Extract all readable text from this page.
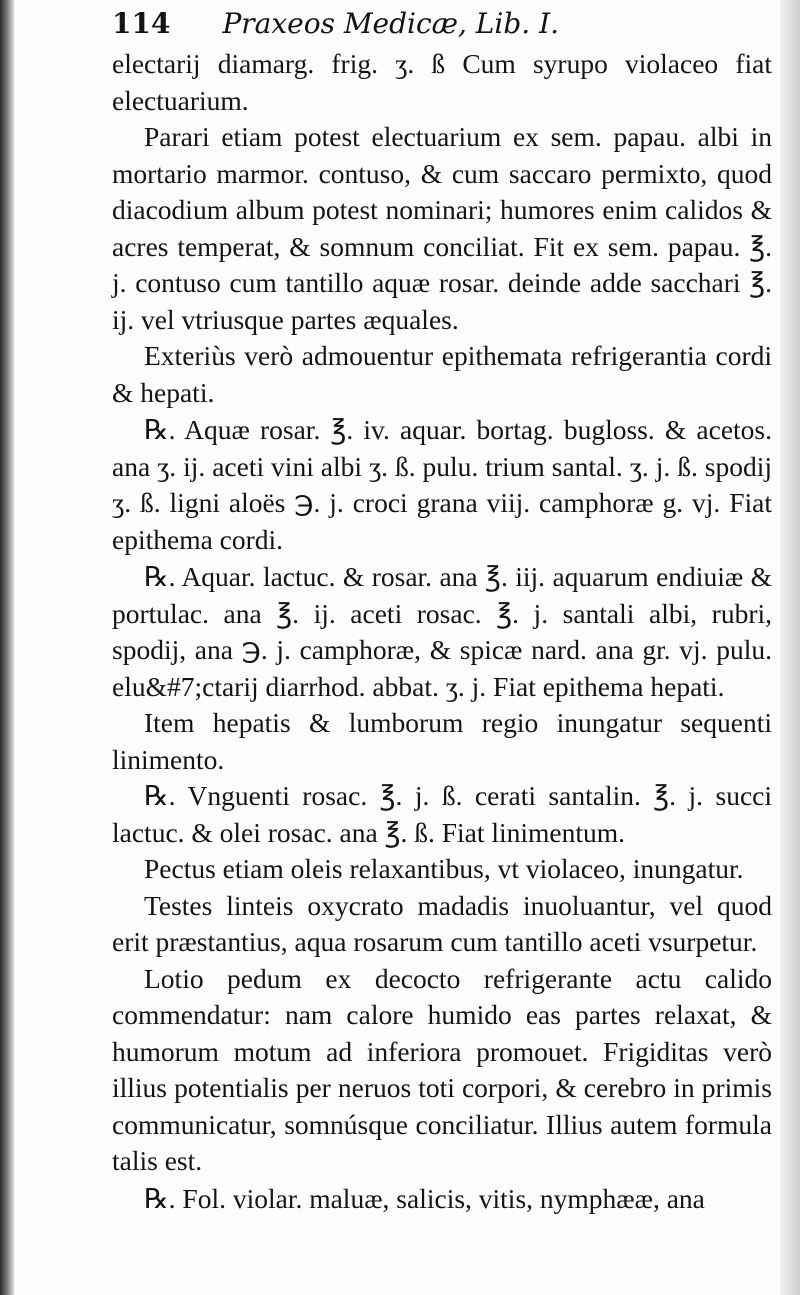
114 Praxeos Medicæ, Lib. I.

electarij diamarg. frig. ʒ. ß Cum syrupo violaceo fiat electuarium.

Parari etiam potest electuarium ex sem. papau. albi in mortario marmor. contuso, & cum saccaro permixto, quod diacodium album potest nominari; humores enim calidos & acres temperat, & somnum conciliat. Fit ex sem. papau. ℥. j. contuso cum tantillo aquæ rosar. deinde adde sacchari ℥. ij. vel vtriusque partes æquales.

Exteriùs verò admouentur epithemata refrigerantia cordi & hepati.

℞. Aquæ rosar. ℥. iv. aquar. bortag. bugloss. & acetos. ana ʒ. ij. aceti vini albi ʒ. ß. pulu. trium santal. ʒ. j. ß. spodij ʒ. ß. ligni aloës ℈. j. croci grana viij. camphoræ g. vj. Fiat epithema cordi.

℞. Aquar. lactuc. & rosar. ana ℥. iij. aquarum endiuiæ & portulac. ana ℥. ij. aceti rosac. ℥. j. santali albi, rubri, spodij, ana ℈. j. camphoræ, & spicæ nard. ana gr. vj. pulu. elu&#7;ctarij diarrhod. abbat. ʒ. j. Fiat epithema hepati.

Item hepatis & lumborum regio inungatur sequenti linimento.

℞. Vnguenti rosac. ℥. j. ß. cerati santalin. ℥. j. succi lactuc. & olei rosac. ana ℥. ß. Fiat linimentum.

Pectus etiam oleis relaxantibus, vt violaceo, inungatur.

Testes linteis oxycrato madadis inuoluantur, vel quod erit præstantius, aqua rosarum cum tantillo aceti vsurpetur.

Lotio pedum ex decocto refrigerante actu calido commendatur: nam calore humido eas partes relaxat, & humorum motum ad inferiora promouet. Frigiditas verò illius potentialis per neruos toti corpori, & cerebro in primis communicatur, somnúsque conciliatur. Illius autem formula talis est.

℞. Fol. violar. maluæ, salicis, vitis, nymphææ, ana
